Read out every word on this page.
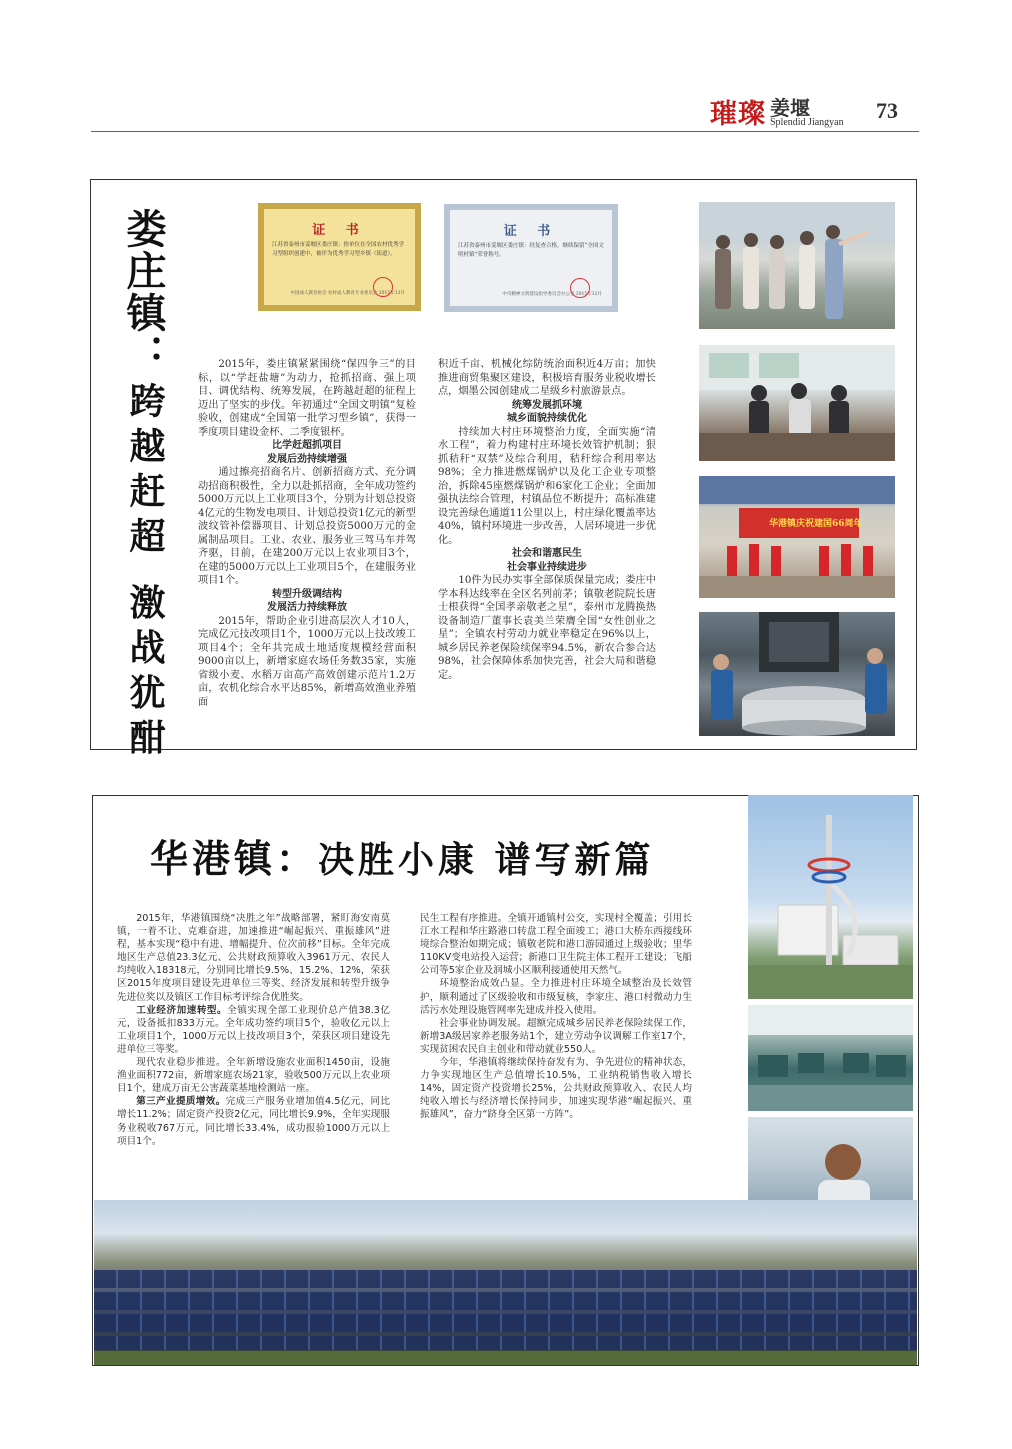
璀璨 姜堰
Splendid Jiangyan 73
娄庄镇：
跨越赶超 激战犹酣
证 书
江苏省泰州市姜堰区娄庄镇：你单位在全国农村优秀学习型组织创建中，被评为优秀学习型乡镇（街道）。
中国成人教育协会 农村成人教育专业委员会 2015年12月
证 书
江苏省泰州市姜堰区娄庄镇：经复查合格，继续保留“全国文明村镇”荣誉称号。
中央精神文明建设指导委员会办公室 2015年12月

2015年，娄庄镇紧紧围绕“保四争三”的目标，以“学赶盐塘”为动力，抢抓招商、强上项目、调优结构、统筹发展，在跨越赶超的征程上迈出了坚实的步伐。年初通过“全国文明镇”复检验收，创建成“全国第一批学习型乡镇”，获得一季度项目建设金杯、二季度银杯。

比学赶超抓项目

发展后劲持续增强

通过擦亮招商名片、创新招商方式、充分调动招商积极性，全力以赴抓招商，全年成功签约5000万元以上工业项目3个，分别为计划总投资4亿元的生物发电项目、计划总投资1亿元的新型波纹管补偿器项目、计划总投资5000万元的金属制品项目。工业、农业、服务业三驾马车并驾齐驱，目前，在建200万元以上农业项目3个，在建的5000万元以上工业项目5个，在建服务业项目1个。

转型升级调结构

发展活力持续释放

2015年，帮助企业引进高层次人才10人，完成亿元技改项目1个，1000万元以上技改竣工项目4个；全年共完成土地适度规模经营面积9000亩以上，新增家庭农场任务数35家，实施省级小麦、水稻万亩高产高效创建示范片1.2万亩，农机化综合水平达85%，新增高效渔业养殖面

积近千亩、机械化综防统治面积近4万亩；加快推进商贸集聚区建设，积极培育服务业税收增长点，烟墨公园创建成二星级乡村旅游景点。

统筹发展抓环境

城乡面貌持续优化

持续加大村庄环境整治力度，全面实施“清水工程”，着力构建村庄环境长效管护机制；狠抓秸秆“双禁”及综合利用，秸秆综合利用率达98%；全力推进燃煤锅炉以及化工企业专项整治，拆除45座燃煤锅炉和6家化工企业；全面加强执法综合管理，村镇品位不断提升；高标准建设完善绿色通道11公里以上，村庄绿化覆盖率达40%，镇村环境进一步改善，人居环境进一步优化。

社会和谐惠民生

社会事业持续进步

10件为民办实事全部保质保量完成；娄庄中学本科达线率在全区名列前茅；镇敬老院院长唐士根获得“全国孝亲敬老之星”，泰州市龙腾换热设备制造厂董事长袁美兰荣膺全国“女性创业之星”；全镇农村劳动力就业率稳定在96%以上，城乡居民养老保险续保率94.5%，新农合参合达98%，社会保障体系加快完善，社会大局和谐稳定。

华港镇庆祝建国66周年
华港镇：决胜小康 谱写新篇

2015年，华港镇围绕“决胜之年”战略部署，紧盯海安南莫镇，一着不让、克难奋进，加速推进“崛起振兴、重振雄风”进程，基本实现“稳中有进、增幅提升、位次前移”目标。全年完成地区生产总值23.3亿元、公共财政预算收入3961万元、农民人均纯收入18318元，分别同比增长9.5%、15.2%、12%，荣获区2015年度项目建设先进单位三等奖、经济发展和转型升级争先进位奖以及镇区工作目标考评综合优胜奖。

工业经济加速转型。全镇实现全部工业现价总产值38.3亿元，设备抵扣833万元。全年成功签约项目5个，验收亿元以上工业项目1个，1000万元以上技改项目3个，荣获区项目建设先进单位三等奖。

现代农业稳步推进。全年新增设施农业面积1450亩，设施渔业面积772亩，新增家庭农场21家，验收500万元以上农业项目1个，建成万亩无公害蔬菜基地检测站一座。

第三产业提质增效。完成三产服务业增加值4.5亿元，同比增长11.2%；固定资产投资2亿元，同比增长9.9%，全年实现服务业税收767万元，同比增长33.4%，成功报验1000万元以上项目1个。

民生工程有序推进。全镇开通镇村公交，实现村全覆盖；引用长江水工程和华庄路港口转盘工程全面竣工；港口大桥东西接线环境综合整治如期完成；镇敬老院和港口游园通过上级验收；里华110KV变电站投入运营；新港口卫生院主体工程开工建设；飞船公司等5家企业及润城小区顺利接通使用天然气。

环境整治成效凸显。全力推进村庄环境全域整治及长效管护，顺利通过了区级验收和市级复核，李家庄、港口村微动力生活污水处理设施管网率先建成并投入使用。

社会事业协调发展。超额完成城乡居民养老保险续保工作，新增3A级居家养老服务站1个，建立劳动争议调解工作室17个，实现贫困农民自主创业和带动就业550人。

今年，华港镇将继续保持奋发有为、争先进位的精神状态，力争实现地区生产总值增长10.5%，工业纳税销售收入增长14%，固定资产投资增长25%，公共财政预算收入、农民人均纯收入增长与经济增长保持同步，加速实现华港“崛起振兴、重振雄风”，奋力“跻身全区第一方阵”。
